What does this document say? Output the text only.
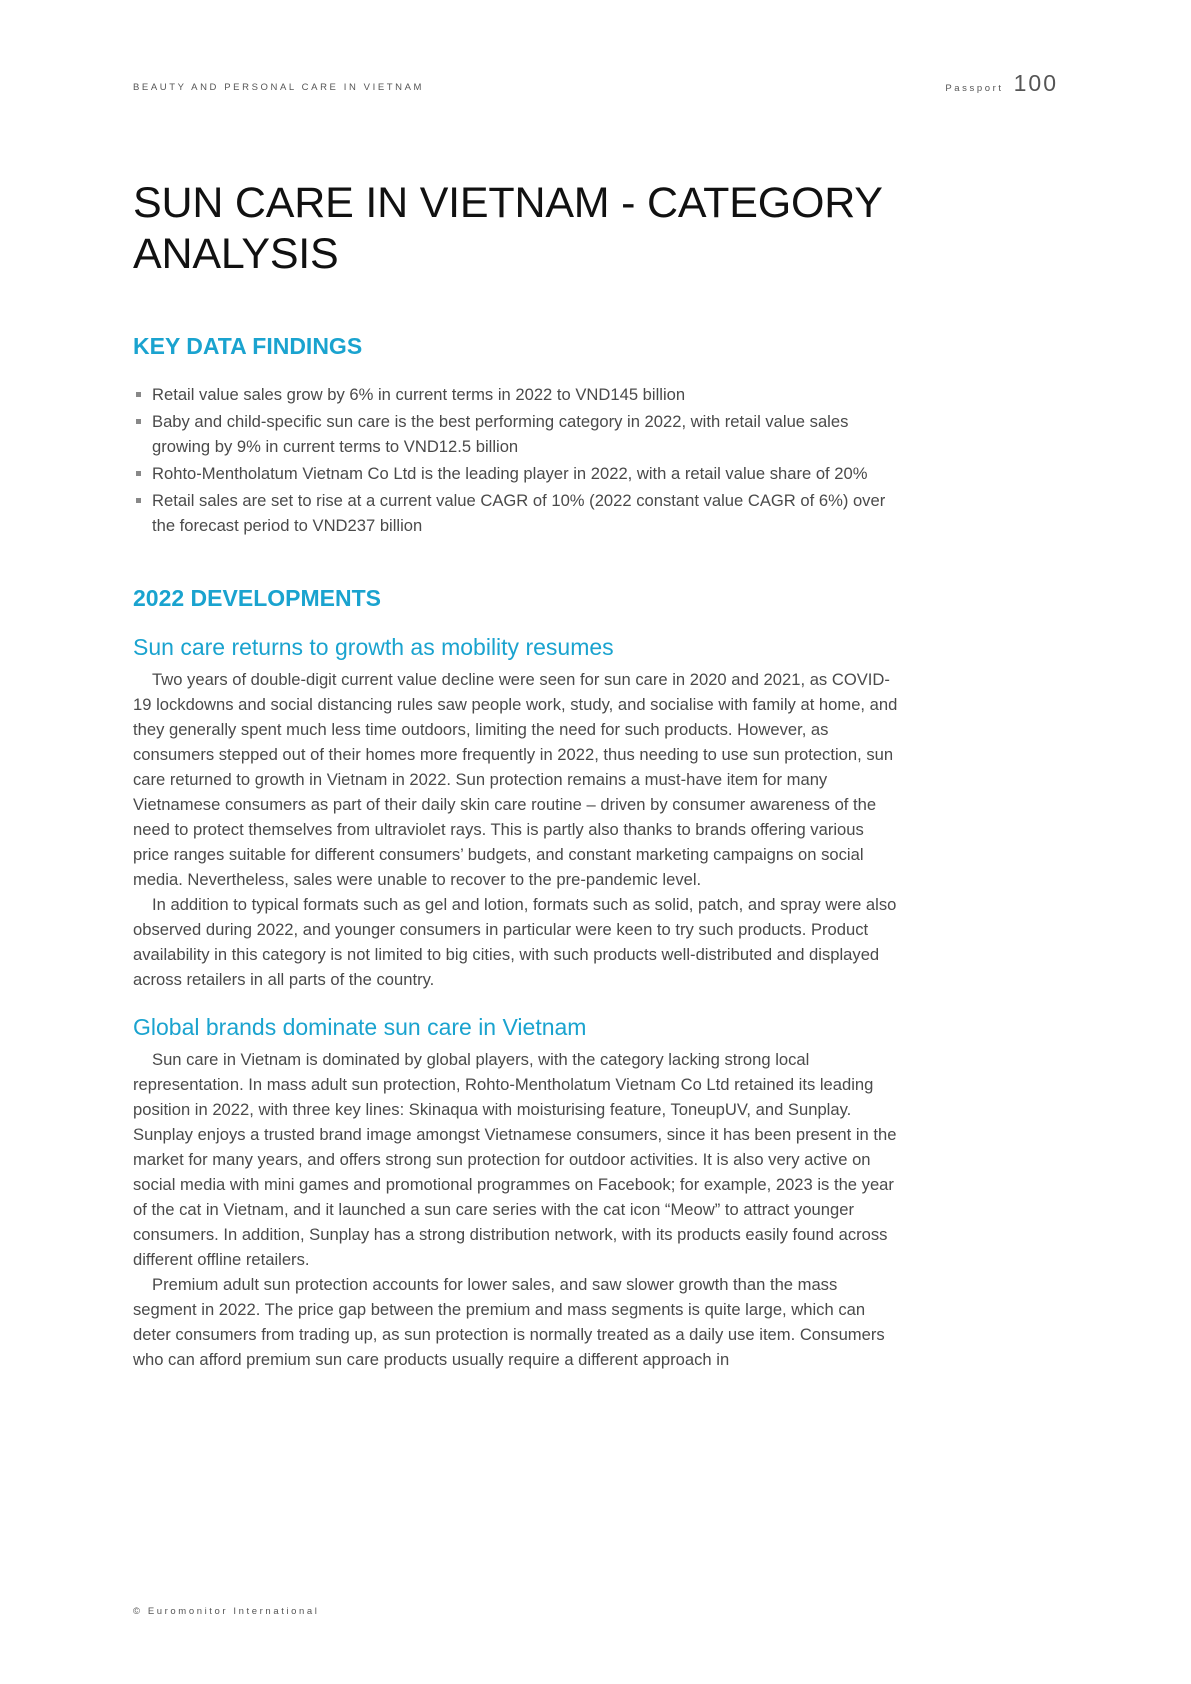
BEAUTY AND PERSONAL CARE IN VIETNAM	Passport 100
SUN CARE IN VIETNAM - CATEGORY ANALYSIS
KEY DATA FINDINGS
Retail value sales grow by 6% in current terms in 2022 to VND145 billion
Baby and child-specific sun care is the best performing category in 2022, with retail value sales growing by 9% in current terms to VND12.5 billion
Rohto-Mentholatum Vietnam Co Ltd is the leading player in 2022, with a retail value share of 20%
Retail sales are set to rise at a current value CAGR of 10% (2022 constant value CAGR of 6%) over the forecast period to VND237 billion
2022 DEVELOPMENTS
Sun care returns to growth as mobility resumes

Two years of double-digit current value decline were seen for sun care in 2020 and 2021, as COVID-19 lockdowns and social distancing rules saw people work, study, and socialise with family at home, and they generally spent much less time outdoors, limiting the need for such products. However, as consumers stepped out of their homes more frequently in 2022, thus needing to use sun protection, sun care returned to growth in Vietnam in 2022. Sun protection remains a must-have item for many Vietnamese consumers as part of their daily skin care routine – driven by consumer awareness of the need to protect themselves from ultraviolet rays. This is partly also thanks to brands offering various price ranges suitable for different consumers’ budgets, and constant marketing campaigns on social media. Nevertheless, sales were unable to recover to the pre-pandemic level.

In addition to typical formats such as gel and lotion, formats such as solid, patch, and spray were also observed during 2022, and younger consumers in particular were keen to try such products. Product availability in this category is not limited to big cities, with such products well-distributed and displayed across retailers in all parts of the country.

Global brands dominate sun care in Vietnam

Sun care in Vietnam is dominated by global players, with the category lacking strong local representation. In mass adult sun protection, Rohto-Mentholatum Vietnam Co Ltd retained its leading position in 2022, with three key lines: Skinaqua with moisturising feature, ToneupUV, and Sunplay. Sunplay enjoys a trusted brand image amongst Vietnamese consumers, since it has been present in the market for many years, and offers strong sun protection for outdoor activities. It is also very active on social media with mini games and promotional programmes on Facebook; for example, 2023 is the year of the cat in Vietnam, and it launched a sun care series with the cat icon “Meow” to attract younger consumers. In addition, Sunplay has a strong distribution network, with its products easily found across different offline retailers.

Premium adult sun protection accounts for lower sales, and saw slower growth than the mass segment in 2022. The price gap between the premium and mass segments is quite large, which can deter consumers from trading up, as sun protection is normally treated as a daily use item. Consumers who can afford premium sun care products usually require a different approach in

© Euromonitor International
